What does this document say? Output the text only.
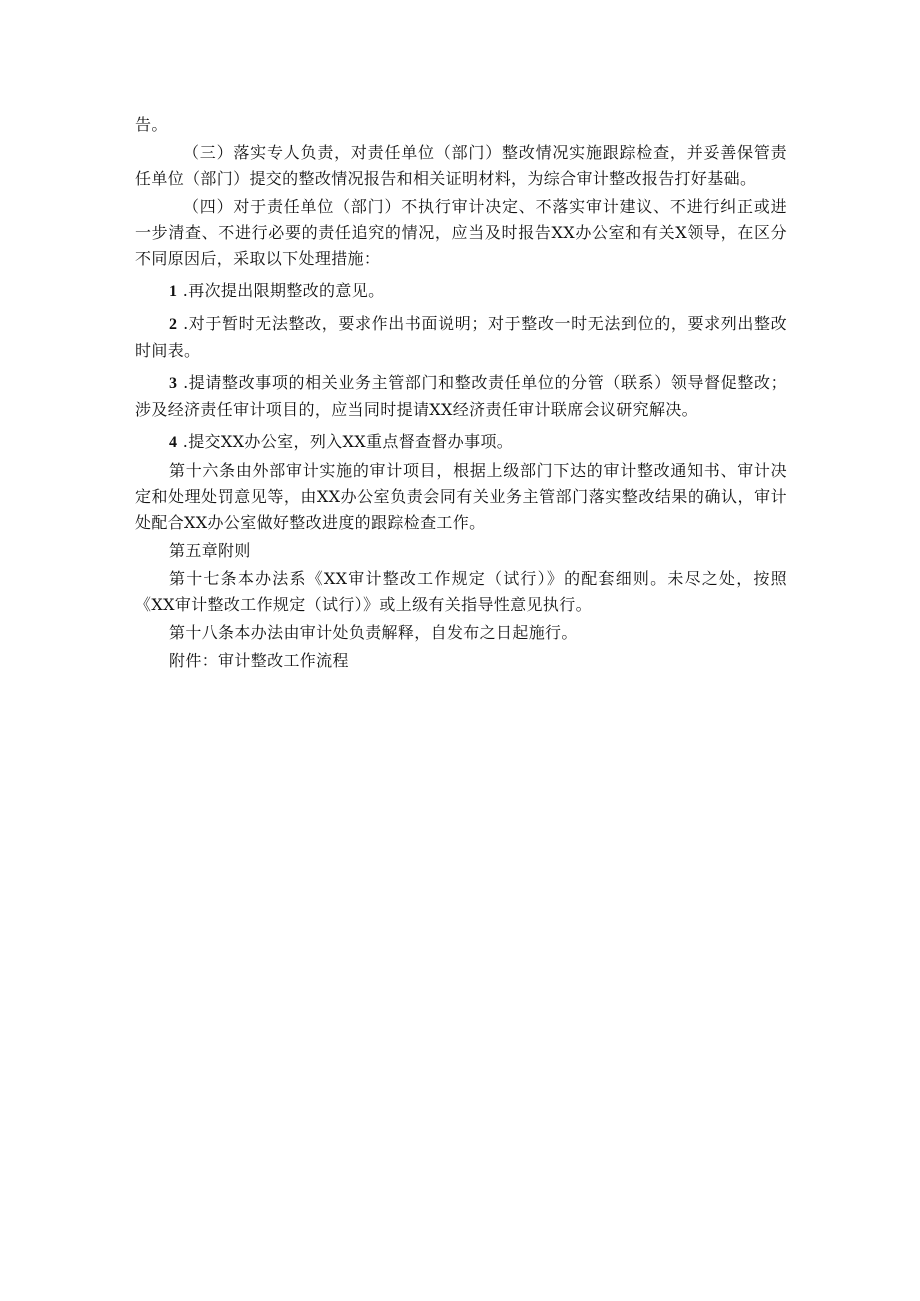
告。

（三）落实专人负责，对责任单位（部门）整改情况实施跟踪检查，并妥善保管责任单位（部门）提交的整改情况报告和相关证明材料，为综合审计整改报告打好基础。

（四）对于责任单位（部门）不执行审计决定、不落实审计建议、不进行纠正或进一步清查、不进行必要的责任追究的情况，应当及时报告XX办公室和有关X领导，在区分不同原因后，采取以下处理措施：

1 .再次提出限期整改的意见。

2 .对于暂时无法整改，要求作出书面说明；对于整改一时无法到位的，要求列出整改时间表。

3 .提请整改事项的相关业务主管部门和整改责任单位的分管（联系）领导督促整改；涉及经济责任审计项目的，应当同时提请XX经济责任审计联席会议研究解决。

4 .提交XX办公室，列入XX重点督查督办事项。

第十六条由外部审计实施的审计项目，根据上级部门下达的审计整改通知书、审计决定和处理处罚意见等，由XX办公室负责会同有关业务主管部门落实整改结果的确认，审计处配合XX办公室做好整改进度的跟踪检查工作。

第五章附则

第十七条本办法系《XX审计整改工作规定（试行）》的配套细则。未尽之处，按照《XX审计整改工作规定（试行）》或上级有关指导性意见执行。

第十八条本办法由审计处负责解释，自发布之日起施行。

附件：审计整改工作流程
